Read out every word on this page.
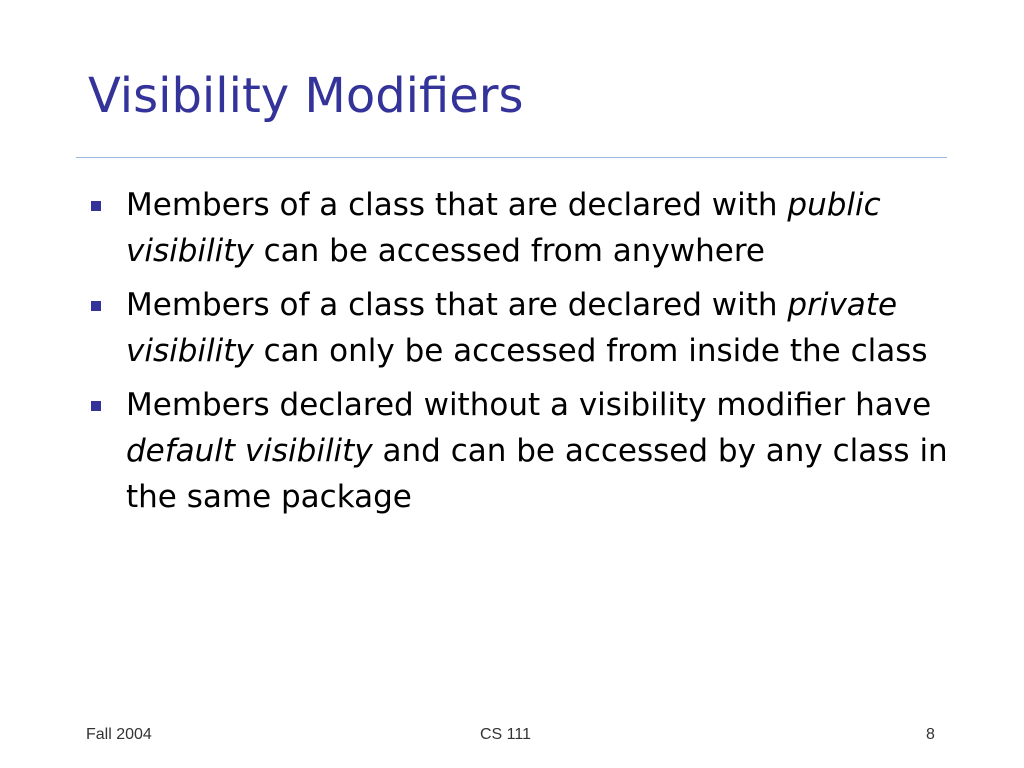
Visibility Modifiers
Members of a class that are declared with public visibility can be accessed from anywhere
Members of a class that are declared with private visibility can only be accessed from inside the class
Members declared without a visibility modifier have default visibility and can be accessed by any class in the same package
Fall 2004	CS 111	8
